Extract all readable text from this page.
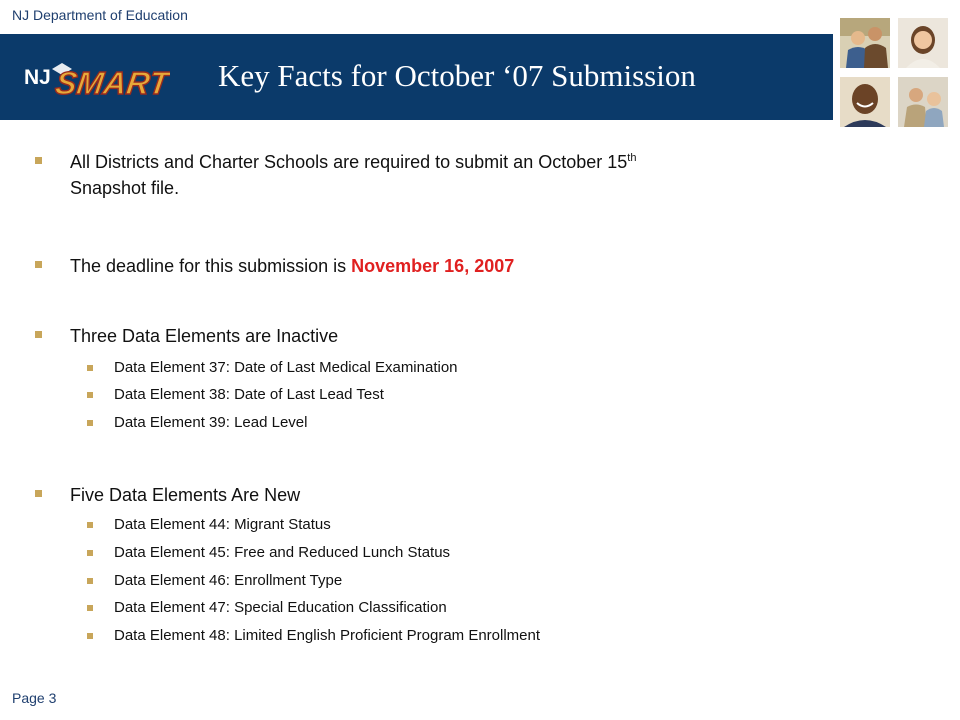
NJ Department of Education
NJ SMART Key Facts for October ‘07 Submission
All Districts and Charter Schools are required to submit an October 15th
Snapshot file.
The deadline for this submission is November 16, 2007
Three Data Elements are Inactive
Data Element 37: Date of Last Medical Examination
Data Element 38: Date of Last Lead Test
Data Element 39: Lead Level
Five Data Elements Are New
Data Element 44: Migrant Status
Data Element 45: Free and Reduced Lunch Status
Data Element 46: Enrollment Type
Data Element 47: Special Education Classification
Data Element 48: Limited English Proficient Program Enrollment
Page 3
